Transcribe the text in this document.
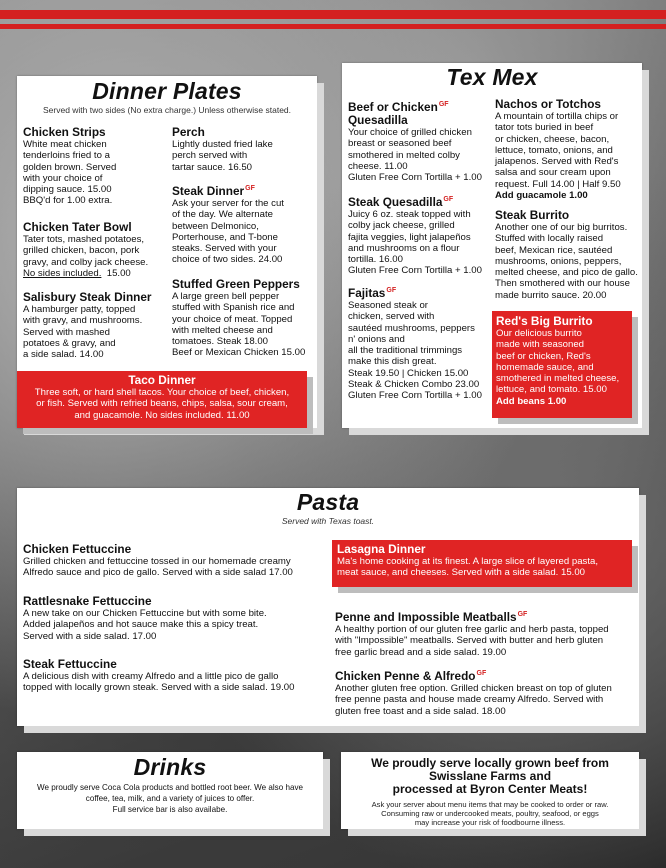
Dinner Plates
Served with two sides (No extra charge.) Unless otherwise stated.
Chicken Strips
White meat chicken
tenderloins fried to a
golden brown. Served
with your choice of
dipping sauce. 15.00
BBQ'd for 1.00 extra.
Chicken Tater Bowl
Tater tots, mashed potatoes,
grilled chicken, bacon, pork
gravy, and colby jack cheese.
No sides included. 15.00
Salisbury Steak Dinner
A hamburger patty, topped
with gravy, and mushrooms.
Served with mashed
potatoes & gravy, and
a side salad. 14.00
Perch
Lightly dusted fried lake
perch served with
tartar sauce. 16.50
Steak Dinner$^{GF}$
Ask your server for the cut
of the day. We alternate
between Delmonico,
Porterhouse, and T-bone
steaks. Served with your
choice of two sides. 24.00
Stuffed Green Peppers
A large green bell pepper
stuffed with Spanish rice and
your choice of meat. Topped
with melted cheese and
tomatoes. Steak 18.00
Beef or Mexican Chicken 15.00
Taco Dinner
Three soft, or hard shell tacos. Your choice of beef, chicken,
or fish. Served with refried beans, chips, salsa, sour cream,
and guacamole. No sides included. 11.00
Tex Mex
Beef or Chicken$^{GF}$
Quesadilla
Your choice of grilled chicken
breast or seasoned beef
smothered in melted colby
cheese. 11.00
Gluten Free Corn Tortilla + 1.00
Steak Quesadilla$^{GF}$
Juicy 6 oz. steak topped with
colby jack cheese, grilled
fajita veggies, light jalapeños
and mushrooms on a flour
tortilla. 16.00
Gluten Free Corn Tortilla + 1.00
Fajitas$^{GF}$
Seasoned steak or
chicken, served with
sautéed mushrooms, peppers
n' onions and
all the traditional trimmings
make this dish great.
Steak 19.50 | Chicken 15.00
Steak & Chicken Combo 23.00
Gluten Free Corn Tortilla + 1.00
Nachos or Totchos
A mountain of tortilla chips or
tator tots buried in beef
or chicken, cheese, bacon,
lettuce, tomato, onions, and
jalapenos. Served with Red's
salsa and sour cream upon
request. Full 14.00 | Half 9.50
Add guacamole 1.00
Steak Burrito
Another one of our big burritos.
Stuffed with locally raised
beef, Mexican rice, sautéed
mushrooms, onions, peppers,
melted cheese, and pico de gallo.
Then smothered with our house
made burrito sauce. 20.00
Red's Big Burrito
Our delicious burrito
made with seasoned
beef or chicken, Red's
homemade sauce, and
smothered in melted cheese,
lettuce, and tomato. 15.00
Add beans 1.00
Pasta
Served with Texas toast.
Chicken Fettuccine
Grilled chicken and fettuccine tossed in our homemade creamy
Alfredo sauce and pico de gallo. Served with a side salad 17.00
Rattlesnake Fettuccine
A new take on our Chicken Fettuccine but with some bite.
Added jalapeños and hot sauce make this a spicy treat.
Served with a side salad. 17.00
Steak Fettuccine
A delicious dish with creamy Alfredo and a little pico de gallo
topped with locally grown steak. Served with a side salad. 19.00
Penne and Impossible Meatballs$^{GF}$
A healthy portion of our gluten free garlic and herb pasta, topped
with "Impossible" meatballs. Served with butter and herb gluten
free garlic bread and a side salad. 19.00
Chicken Penne & Alfredo$^{GF}$
Another gluten free option. Grilled chicken breast on top of gluten
free penne pasta and house made creamy Alfredo. Served with
gluten free toast and a side salad. 18.00
Lasagna Dinner
Ma's home cooking at its finest. A large slice of layered pasta,
meat sauce, and cheeses. Served with a side salad. 15.00
Drinks
We proudly serve Coca Cola products and bottled root beer. We also have
coffee, tea, milk, and a variety of juices to offer.
Full service bar is also availabe.
We proudly serve locally grown beef from
Swisslane Farms and
processed at Byron Center Meats!
Ask your server about menu items that may be cooked to order or raw.
Consuming raw or undercooked meats, poultry, seafood, or eggs
may increase your risk of foodbourne illness.
